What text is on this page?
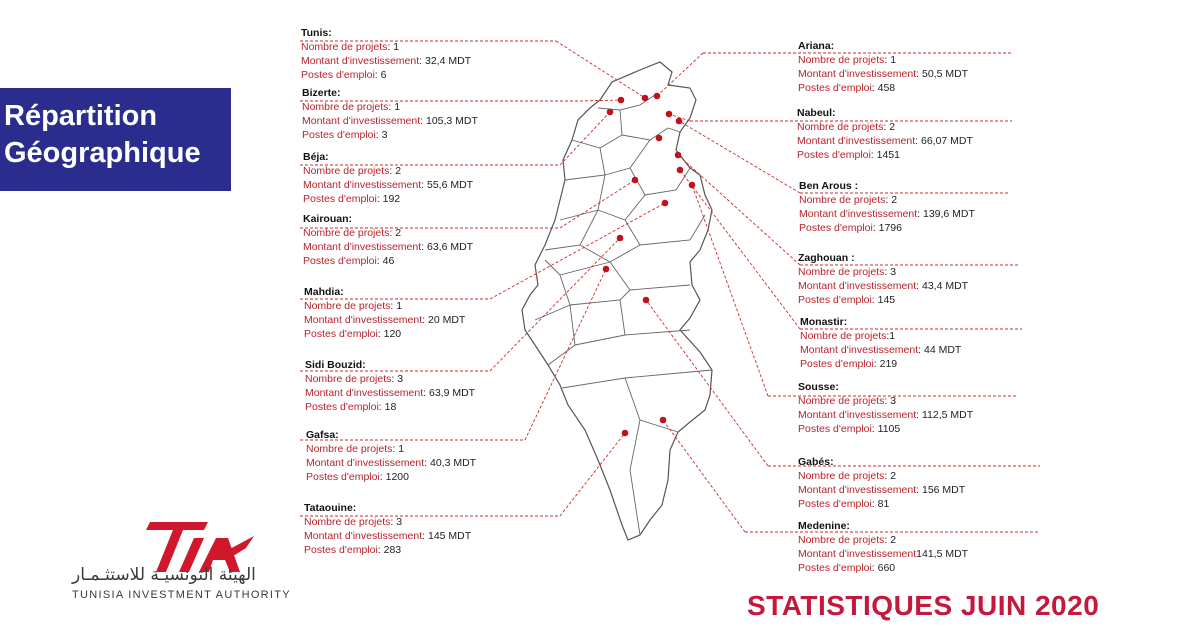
Répartition
Géographique
Tunis:
Nombre de projets: 1
Montant d'investissement: 32,4 MDT
Postes d'emploi: 6
Bizerte:
Nombre de projets: 1
Montant d'investissement: 105,3 MDT
Postes d'emploi: 3
Béja:
Nombre de projets: 2
Montant d'investissement: 55,6 MDT
Postes d'emploi: 192
Kairouan:
Nombre de projets: 2
Montant d'investissement: 63,6 MDT
Postes d'emploi: 46
Mahdia:
Nombre de projets: 1
Montant d'investissement: 20 MDT
Postes d'emploi: 120
Sidi Bouzid:
Nombre de projets: 3
Montant d'investissement: 63,9 MDT
Postes d'emploi: 18
Gafsa:
Nombre de projets: 1
Montant d'investissement: 40,3 MDT
Postes d'emploi: 1200
Tataouine:
Nombre de projets: 3
Montant d'investissement: 145 MDT
Postes d'emploi: 283
Ariana:
Nombre de projets: 1
Montant d'investissement: 50,5 MDT
Postes d'emploi: 458
Nabeul:
Nombre de projets: 2
Montant d'investissement: 66,07 MDT
Postes d'emploi: 1451
Ben Arous :
Nombre de projets: 2
Montant d'investissement: 139,6 MDT
Postes d'emploi: 1796
Zaghouan :
Nombre de projets: 3
Montant d'investissement: 43,4 MDT
Postes d'emploi: 145
Monastir:
Nombre de projets:1
Montant d'investissement: 44 MDT
Postes d'emploi: 219
Sousse:
Nombre de projets: 3
Montant d'investissement: 112,5 MDT
Postes d'emploi: 1105
Gabés:
Nombre de projets: 2
Montant d'investissement: 156 MDT
Postes d'emploi: 81
Medenine:
Nombre de projets: 2
Montant d'investissement141,5 MDT
Postes d'emploi: 660
الهيئة التونسيـة للاستثـمـار
TUNISIA INVESTMENT AUTHORITY	STATISTIQUES JUIN 2020
